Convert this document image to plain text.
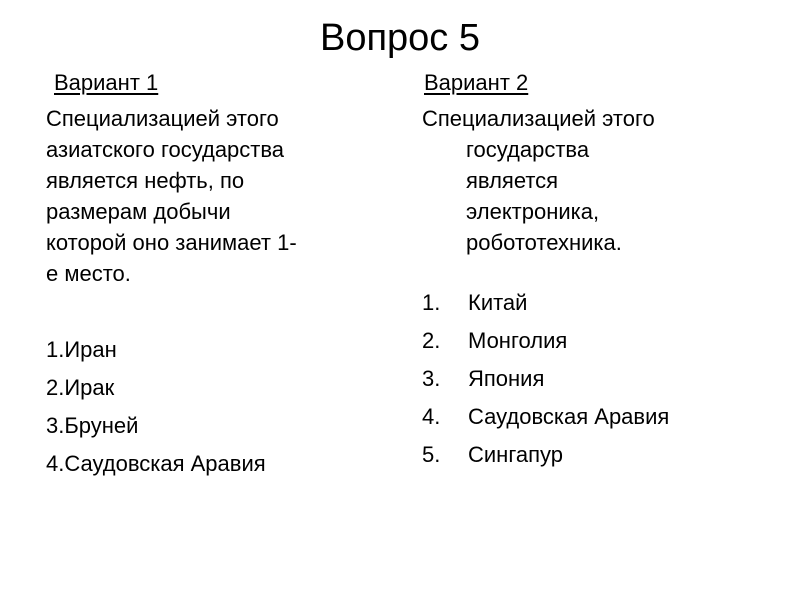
Вопрос 5
Вариант 1
Специализацией этого
азиатского государства
является нефть, по
размерам добычи
которой оно занимает 1-
е место.
1.Иран
2.Ирак
3.Бруней
4.Саудовская Аравия
Вариант 2
Специализацией этого
государства
является
электроника,
робототехника.
1.	Китай
2.	Монголия
3.	Япония
4.	Саудовская Аравия
5.	Сингапур
